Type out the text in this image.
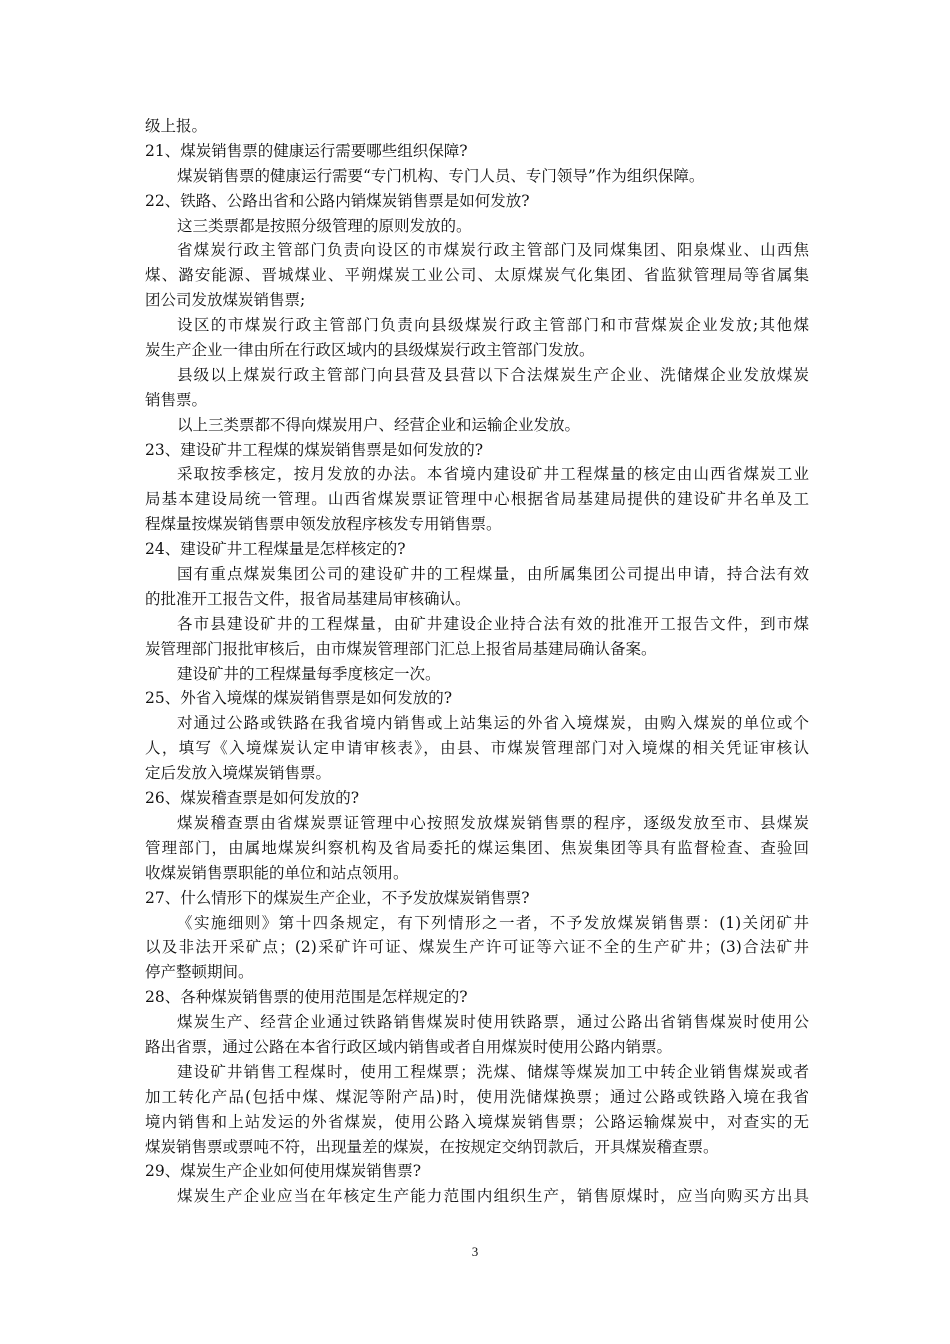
级上报。
21、煤炭销售票的健康运行需要哪些组织保障?
煤炭销售票的健康运行需要“专门机构、专门人员、专门领导”作为组织保障。
22、铁路、公路出省和公路内销煤炭销售票是如何发放?
这三类票都是按照分级管理的原则发放的。
省煤炭行政主管部门负责向设区的市煤炭行政主管部门及同煤集团、阳泉煤业、山西焦
煤、潞安能源、晋城煤业、平朔煤炭工业公司、太原煤炭气化集团、省监狱管理局等省属集
团公司发放煤炭销售票;
设区的市煤炭行政主管部门负责向县级煤炭行政主管部门和市营煤炭企业发放;其他煤
炭生产企业一律由所在行政区域内的县级煤炭行政主管部门发放。
县级以上煤炭行政主管部门向县营及县营以下合法煤炭生产企业、洗储煤企业发放煤炭
销售票。
以上三类票都不得向煤炭用户、经营企业和运输企业发放。
23、建设矿井工程煤的煤炭销售票是如何发放的?
采取按季核定，按月发放的办法。本省境内建设矿井工程煤量的核定由山西省煤炭工业
局基本建设局统一管理。山西省煤炭票证管理中心根据省局基建局提供的建设矿井名单及工
程煤量按煤炭销售票申领发放程序核发专用销售票。
24、建设矿井工程煤量是怎样核定的?
国有重点煤炭集团公司的建设矿井的工程煤量，由所属集团公司提出申请，持合法有效
的批准开工报告文件，报省局基建局审核确认。
各市县建设矿井的工程煤量，由矿井建设企业持合法有效的批准开工报告文件，到市煤
炭管理部门报批审核后，由市煤炭管理部门汇总上报省局基建局确认备案。
建设矿井的工程煤量每季度核定一次。
25、外省入境煤的煤炭销售票是如何发放的?
对通过公路或铁路在我省境内销售或上站集运的外省入境煤炭，由购入煤炭的单位或个
人，填写《入境煤炭认定申请审核表》，由县、市煤炭管理部门对入境煤的相关凭证审核认
定后发放入境煤炭销售票。
26、煤炭稽查票是如何发放的?
煤炭稽查票由省煤炭票证管理中心按照发放煤炭销售票的程序，逐级发放至市、县煤炭
管理部门，由属地煤炭纠察机构及省局委托的煤运集团、焦炭集团等具有监督检查、查验回
收煤炭销售票职能的单位和站点领用。
27、什么情形下的煤炭生产企业，不予发放煤炭销售票?
《实施细则》第十四条规定，有下列情形之一者，不予发放煤炭销售票：(1)关闭矿井
以及非法开采矿点；(2)采矿许可证、煤炭生产许可证等六证不全的生产矿井；(3)合法矿井
停产整顿期间。
28、各种煤炭销售票的使用范围是怎样规定的?
煤炭生产、经营企业通过铁路销售煤炭时使用铁路票，通过公路出省销售煤炭时使用公
路出省票，通过公路在本省行政区域内销售或者自用煤炭时使用公路内销票。
建设矿井销售工程煤时，使用工程煤票；洗煤、储煤等煤炭加工中转企业销售煤炭或者
加工转化产品(包括中煤、煤泥等附产品)时，使用洗储煤换票；通过公路或铁路入境在我省
境内销售和上站发运的外省煤炭，使用公路入境煤炭销售票；公路运输煤炭中，对查实的无
煤炭销售票或票吨不符，出现量差的煤炭，在按规定交纳罚款后，开具煤炭稽查票。
29、煤炭生产企业如何使用煤炭销售票?
煤炭生产企业应当在年核定生产能力范围内组织生产，销售原煤时，应当向购买方出具
3
